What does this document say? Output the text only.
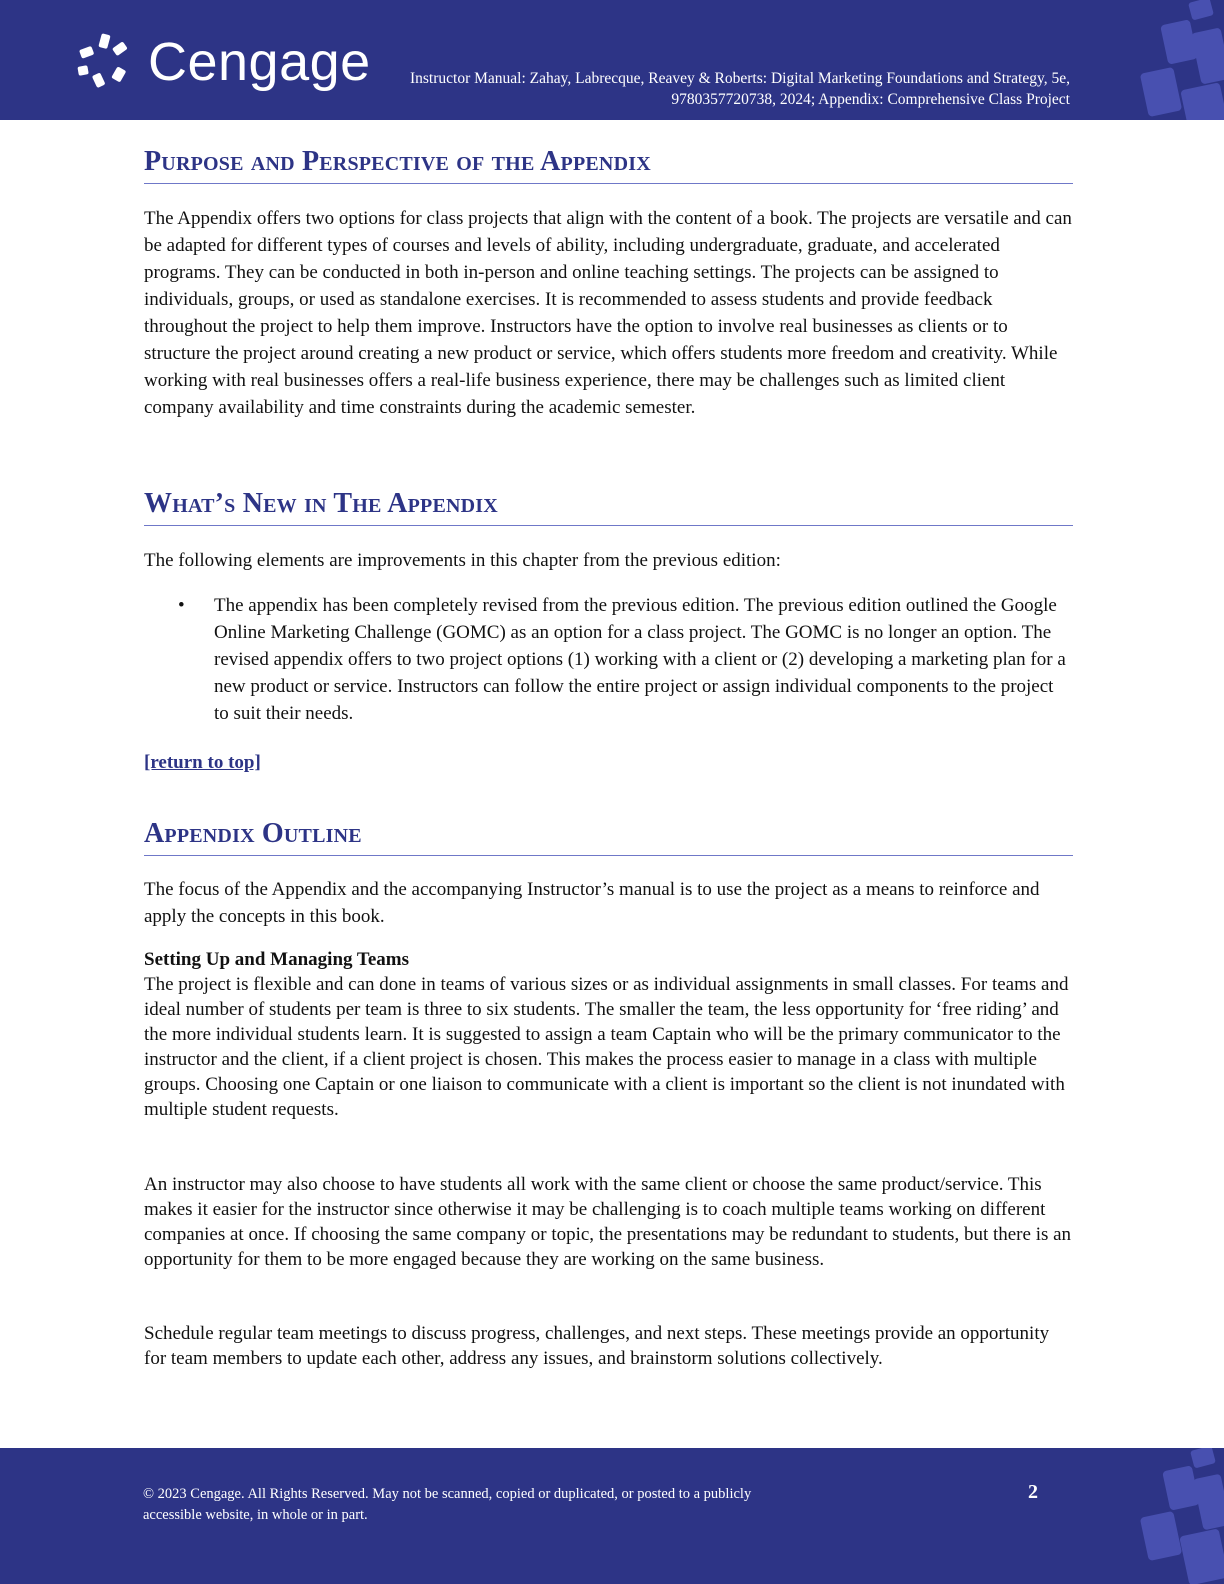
Cengage	Instructor Manual: Zahay, Labrecque, Reavey & Roberts: Digital Marketing Foundations and Strategy, 5e,
9780357720738, 2024; Appendix: Comprehensive Class Project
Purpose and Perspective of the Appendix

The Appendix offers two options for class projects that align with the content of a book. The projects are versatile and can be adapted for different types of courses and levels of ability, including undergraduate, graduate, and accelerated programs. They can be conducted in both in-person and online teaching settings. The projects can be assigned to individuals, groups, or used as standalone exercises. It is recommended to assess students and provide feedback throughout the project to help them improve. Instructors have the option to involve real businesses as clients or to structure the project around creating a new product or service, which offers students more freedom and creativity. While working with real businesses offers a real-life business experience, there may be challenges such as limited client company availability and time constraints during the academic semester.

What’s New in The Appendix

The following elements are improvements in this chapter from the previous edition:

• The appendix has been completely revised from the previous edition. The previous edition outlined the Google Online Marketing Challenge (GOMC) as an option for a class project. The GOMC is no longer an option. The revised appendix offers to two project options (1) working with a client or (2) developing a marketing plan for a new product or service. Instructors can follow the entire project or assign individual components to the project to suit their needs.
[return to top]
Appendix Outline

The focus of the Appendix and the accompanying Instructor’s manual is to use the project as a means to reinforce and apply the concepts in this book.

Setting Up and Managing Teams

The project is flexible and can done in teams of various sizes or as individual assignments in small classes. For teams and ideal number of students per team is three to six students. The smaller the team, the less opportunity for ‘free riding’ and the more individual students learn. It is suggested to assign a team Captain who will be the primary communicator to the instructor and the client, if a client project is chosen. This makes the process easier to manage in a class with multiple groups. Choosing one Captain or one liaison to communicate with a client is important so the client is not inundated with multiple student requests.

An instructor may also choose to have students all work with the same client or choose the same product/service. This makes it easier for the instructor since otherwise it may be challenging is to coach multiple teams working on different companies at once. If choosing the same company or topic, the presentations may be redundant to students, but there is an opportunity for them to be more engaged because they are working on the same business.

Schedule regular team meetings to discuss progress, challenges, and next steps. These meetings provide an opportunity for team members to update each other, address any issues, and brainstorm solutions collectively.

© 2023 Cengage. All Rights Reserved. May not be scanned, copied or duplicated, or posted to a publicly
accessible website, in whole or in part.
2
